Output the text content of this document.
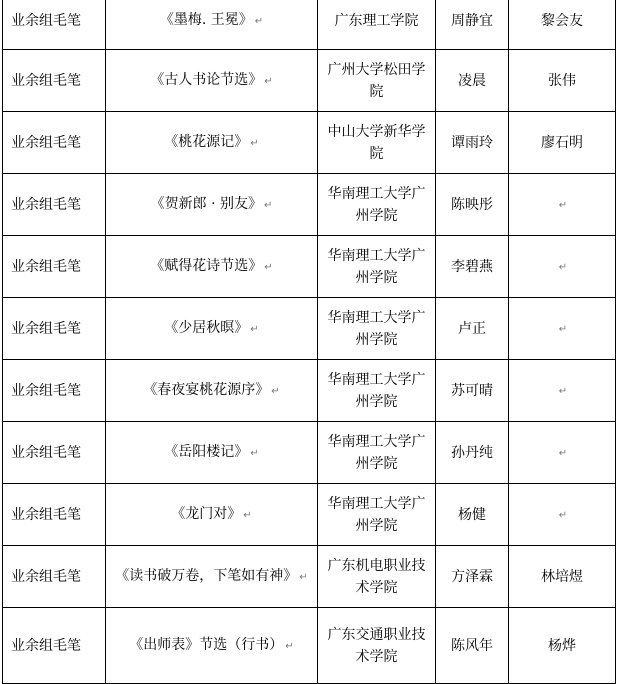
业余组毛笔	《墨梅. 王冕》 ↵	广东理工学院	周静宜	黎会友
业余组毛笔	《古人书论节选》 ↵	广州大学松田学院	凌晨	张伟
业余组毛笔	《桃花源记》 ↵	中山大学新华学院	谭雨玲	廖石明
业余组毛笔	《贺新郎 · 别友》 ↵	华南理工大学广州学院	陈映彤	↵
业余组毛笔	《赋得花诗节选》 ↵	华南理工大学广州学院	李碧燕	↵
业余组毛笔	《少居秋暝》 ↵	华南理工大学广州学院	卢正	↵
业余组毛笔	《春夜宴桃花源序》 ↵	华南理工大学广州学院	苏可晴	↵
业余组毛笔	《岳阳楼记》 ↵	华南理工大学广州学院	孙丹纯	↵
业余组毛笔	《龙门对》 ↵	华南理工大学广州学院	杨健	↵
业余组毛笔	《读书破万卷，下笔如有神》 ↵	广东机电职业技术学院	方泽霖	林培煜
业余组毛笔	《出师表》节选（行书） ↵	广东交通职业技术学院	陈风年	杨烨
